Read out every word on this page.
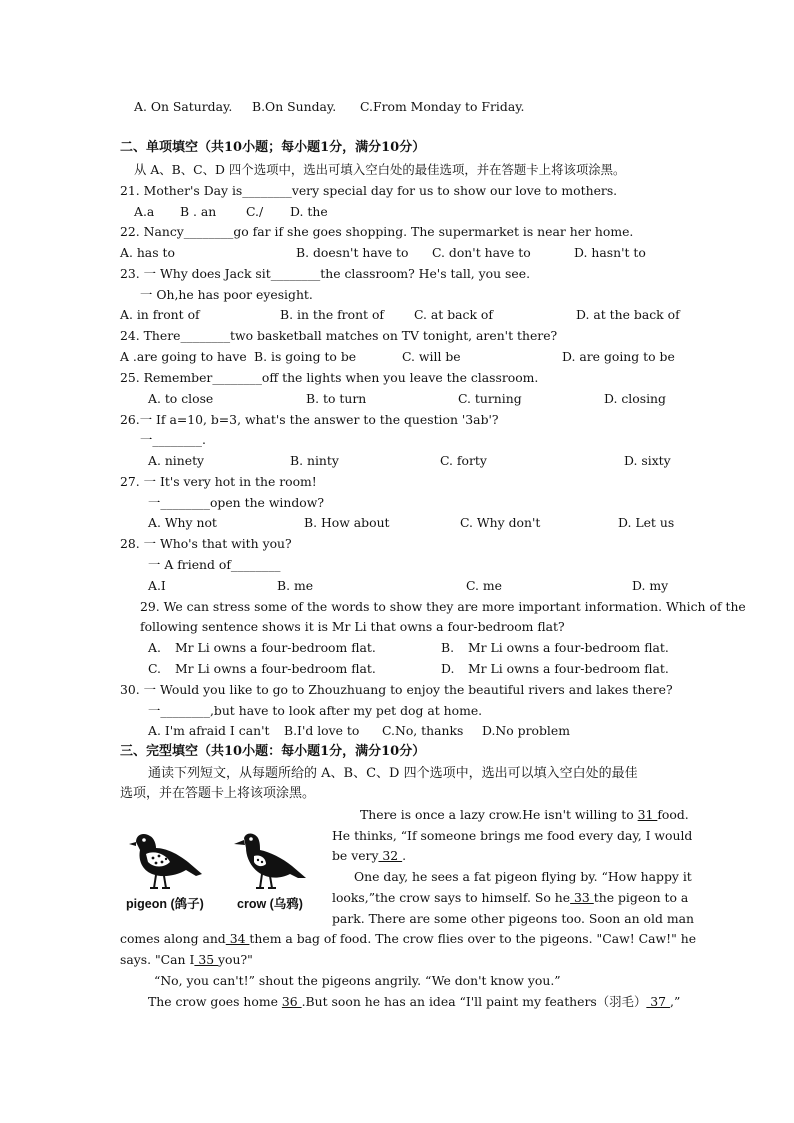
A. On Saturday. B.On Sunday. C.From Monday to Friday.
二、单项填空（共10小题；每小题1分，满分10分）
从 A、B、C、D 四个选项中，选出可填入空白处的最佳选项，并在答题卡上将该项涂黑。
21. Mother's Day is________very special day for us to show our love to mothers.
A.a B . an C./ D. the
22. Nancy________go far if she goes shopping. The supermarket is near her home.
A. has to	B. doesn't have to C. don't have to	D. hasn't to
23. 一 Why does Jack sit________the classroom? He's tall, you see.
一 Oh,he has poor eyesight.
A. in front of	B. in the front of C. at back of	D. at the back of
24. There________two basketball matches on TV tonight, aren't there?
A .are going to have B. is going to be	C. will be	D. are going to be
25. Remember________off the lights when you leave the classroom.
A. to close	B. to turn	C. turning	D. closing
26.一 If a=10, b=3, what's the answer to the question '3ab'?
一________.
A. ninety	B. ninty	C. forty	D. sixty
27. 一 It's very hot in the room!
一________open the window?
A. Why not	B. How about	C. Why don't	D. Let us
28. 一 Who's that with you?
一 A friend of________
A.I	B. me	C. me	D. my
29. We can stress some of the words to show they are more important information. Which of the
following sentence shows it is Mr Li that owns a four-bedroom flat?
A. Mr Li owns a four-bedroom flat.	B. Mr Li owns a four-bedroom flat.
C. Mr Li owns a four-bedroom flat.	D. Mr Li owns a four-bedroom flat.
30. 一 Would you like to go to Zhouzhuang to enjoy the beautiful rivers and lakes there?
一________,but have to look after my pet dog at home.
A. I'm afraid I can't B.I'd love to C.No, thanks D.No problem
三、完型填空（共10小题：每小题1分，满分10分）
通读下列短文，从每题所给的 A、B、C、D 四个选项中，选出可以填入空白处的最佳
选项，并在答题卡上将该项涂黑。
pigeon (鸽子)	crow (乌鸦)
There is once a lazy crow.He isn't willing to 31 food.
He thinks, “If someone brings me food every day, I would
be very 32 .
One day, he sees a fat pigeon flying by. “How happy it
looks,”the crow says to himself. So he 33 the pigeon to a
park. There are some other pigeons too. Soon an old man
comes along and 34 them a bag of food. The crow flies over to the pigeons. "Caw! Caw!" he
says. "Can I 35 you?"
“No, you can't!” shout the pigeons angrily. “We don't know you.”
The crow goes home 36 .But soon he has an idea “I'll paint my feathers（羽毛） 37 ,”
